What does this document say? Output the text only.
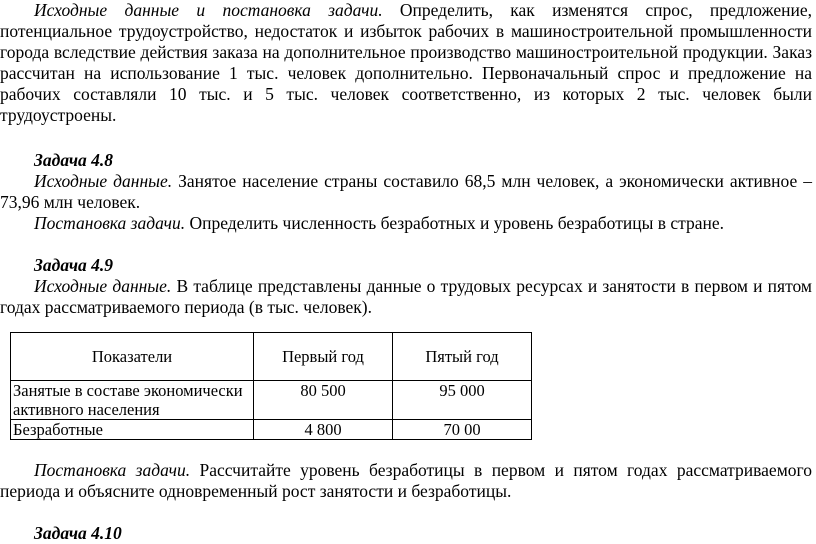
Исходные данные и постановка задачи. Определить, как изменятся спрос, предложение, потенциальное трудоустройство, недостаток и избыток рабочих в машиностроительной промышленности города вследствие действия заказа на дополнительное производство машиностроительной продукции. Заказ рассчитан на использование 1 тыс. человек дополнительно. Первоначальный спрос и предложение на рабочих составляли 10 тыс. и 5 тыс. человек соответственно, из которых 2 тыс. человек были трудоустроены.

Задача 4.8

Исходные данные. Занятое население страны составило 68,5 млн человек, а экономически активное – 73,96 млн человек.

Постановка задачи. Определить численность безработных и уровень безработицы в стране.

Задача 4.9

Исходные данные. В таблице представлены данные о трудовых ресурсах и занятости в первом и пятом годах рассматриваемого периода (в тыс. человек).

Показатели	Первый год	Пятый год
Занятые в составе экономически активного населения	80 500	95 000
Безработные	4 800	70 00

Постановка задачи. Рассчитайте уровень безработицы в первом и пятом годах рассматриваемого периода и объясните одновременный рост занятости и безработицы.

Задача 4.10
